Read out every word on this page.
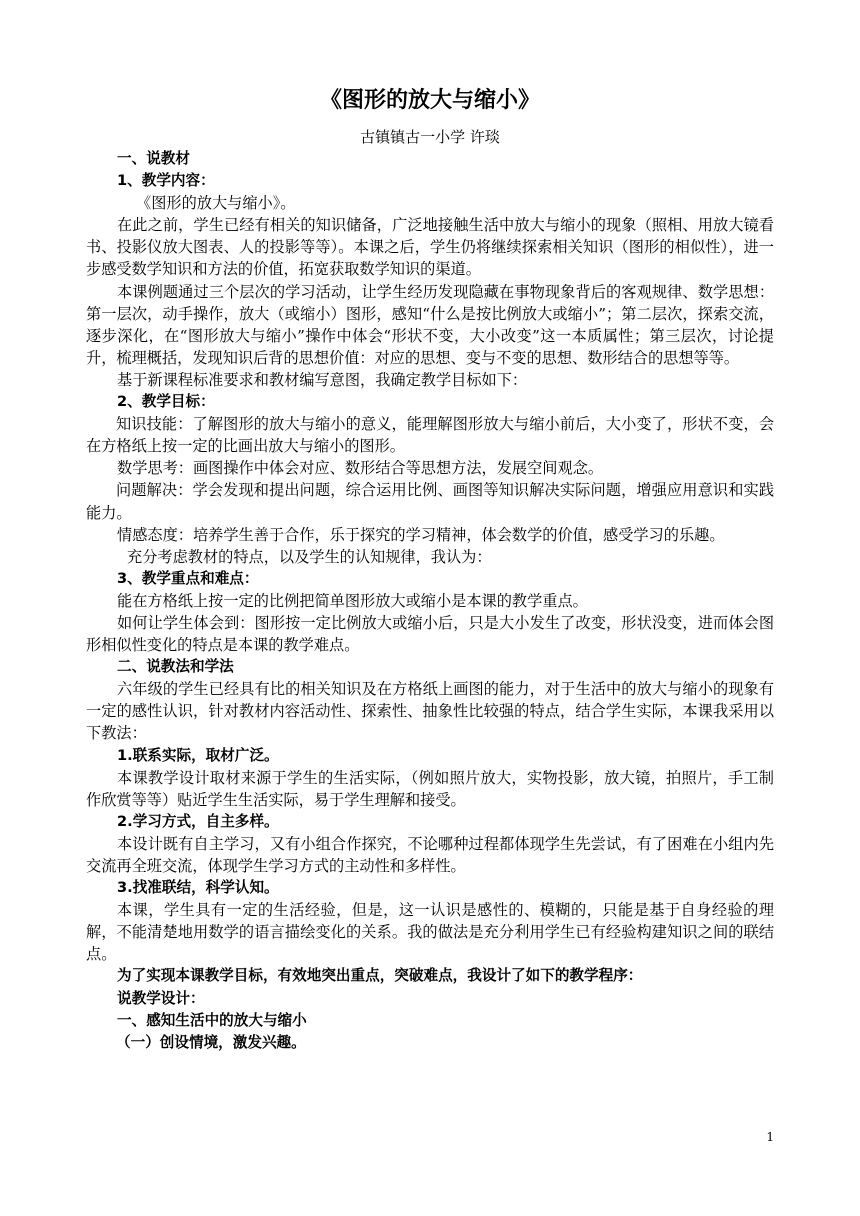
《图形的放大与缩小》
古镇镇古一小学 许琰

一、说教材

1、教学内容：

《图形的放大与缩小》。

在此之前，学生已经有相关的知识储备，广泛地接触生活中放大与缩小的现象（照相、用放大镜看书、投影仪放大图表、人的投影等等）。本课之后，学生仍将继续探索相关知识（图形的相似性），进一步感受数学知识和方法的价值，拓宽获取数学知识的渠道。

本课例题通过三个层次的学习活动，让学生经历发现隐藏在事物现象背后的客观规律、数学思想：第一层次，动手操作，放大（或缩小）图形，感知“什么是按比例放大或缩小”；第二层次，探索交流，逐步深化，在“图形放大与缩小”操作中体会“形状不变，大小改变”这一本质属性；第三层次，讨论提升，梳理概括，发现知识后背的思想价值：对应的思想、变与不变的思想、数形结合的思想等等。

基于新课程标准要求和教材编写意图，我确定教学目标如下：

2、教学目标：

知识技能：了解图形的放大与缩小的意义，能理解图形放大与缩小前后，大小变了，形状不变，会在方格纸上按一定的比画出放大与缩小的图形。

数学思考：画图操作中体会对应、数形结合等思想方法，发展空间观念。

问题解决：学会发现和提出问题，综合运用比例、画图等知识解决实际问题，增强应用意识和实践能力。

情感态度：培养学生善于合作，乐于探究的学习精神，体会数学的价值，感受学习的乐趣。

充分考虑教材的特点，以及学生的认知规律，我认为：

3、教学重点和难点：

能在方格纸上按一定的比例把简单图形放大或缩小是本课的教学重点。

如何让学生体会到：图形按一定比例放大或缩小后，只是大小发生了改变，形状没变，进而体会图形相似性变化的特点是本课的教学难点。

二、说教法和学法

六年级的学生已经具有比的相关知识及在方格纸上画图的能力，对于生活中的放大与缩小的现象有一定的感性认识，针对教材内容活动性、探索性、抽象性比较强的特点，结合学生实际，本课我采用以下教法：

1.联系实际，取材广泛。

本课教学设计取材来源于学生的生活实际，（例如照片放大，实物投影，放大镜，拍照片，手工制作欣赏等等）贴近学生生活实际，易于学生理解和接受。

2.学习方式，自主多样。

本设计既有自主学习，又有小组合作探究，不论哪种过程都体现学生先尝试，有了困难在小组内先交流再全班交流，体现学生学习方式的主动性和多样性。

3.找准联结，科学认知。

本课，学生具有一定的生活经验，但是，这一认识是感性的、模糊的，只能是基于自身经验的理解，不能清楚地用数学的语言描绘变化的关系。我的做法是充分利用学生已有经验构建知识之间的联结点。

为了实现本课教学目标，有效地突出重点，突破难点，我设计了如下的教学程序：

说教学设计：

一、感知生活中的放大与缩小

（一）创设情境，激发兴趣。

1
